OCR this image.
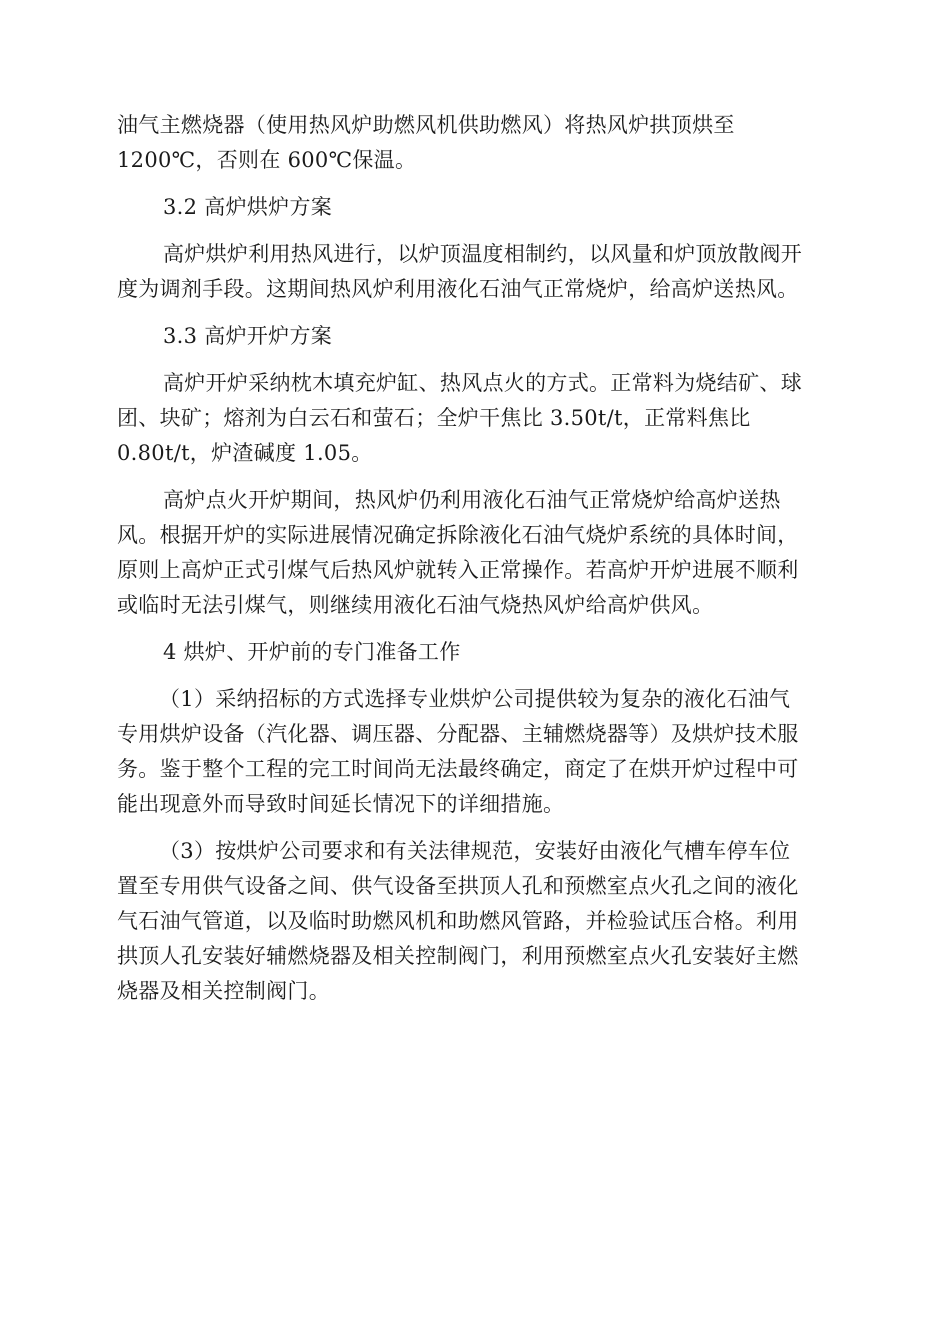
油气主燃烧器（使用热风炉助燃风机供助燃风）将热风炉拱顶烘至
1200℃，否则在 600℃保温。
3.2 高炉烘炉方案
高炉烘炉利用热风进行，以炉顶温度相制约，以风量和炉顶放散阀开
度为调剂手段。这期间热风炉利用液化石油气正常烧炉，给高炉送热风。
3.3 高炉开炉方案
高炉开炉采纳枕木填充炉缸、热风点火的方式。正常料为烧结矿、球
团、块矿；熔剂为白云石和萤石；全炉干焦比 3.50t/t，正常料焦比
0.80t/t，炉渣碱度 1.05。
高炉点火开炉期间，热风炉仍利用液化石油气正常烧炉给高炉送热
风。根据开炉的实际进展情况确定拆除液化石油气烧炉系统的具体时间，
原则上高炉正式引煤气后热风炉就转入正常操作。若高炉开炉进展不顺利
或临时无法引煤气，则继续用液化石油气烧热风炉给高炉供风。
4 烘炉、开炉前的专门准备工作
（1）采纳招标的方式选择专业烘炉公司提供较为复杂的液化石油气
专用烘炉设备（汽化器、调压器、分配器、主辅燃烧器等）及烘炉技术服
务。鉴于整个工程的完工时间尚无法最终确定，商定了在烘开炉过程中可
能出现意外而导致时间延长情况下的详细措施。
（3）按烘炉公司要求和有关法律规范，安装好由液化气槽车停车位
置至专用供气设备之间、供气设备至拱顶人孔和预燃室点火孔之间的液化
气石油气管道，以及临时助燃风机和助燃风管路，并检验试压合格。利用
拱顶人孔安装好辅燃烧器及相关控制阀门，利用预燃室点火孔安装好主燃
烧器及相关控制阀门。
